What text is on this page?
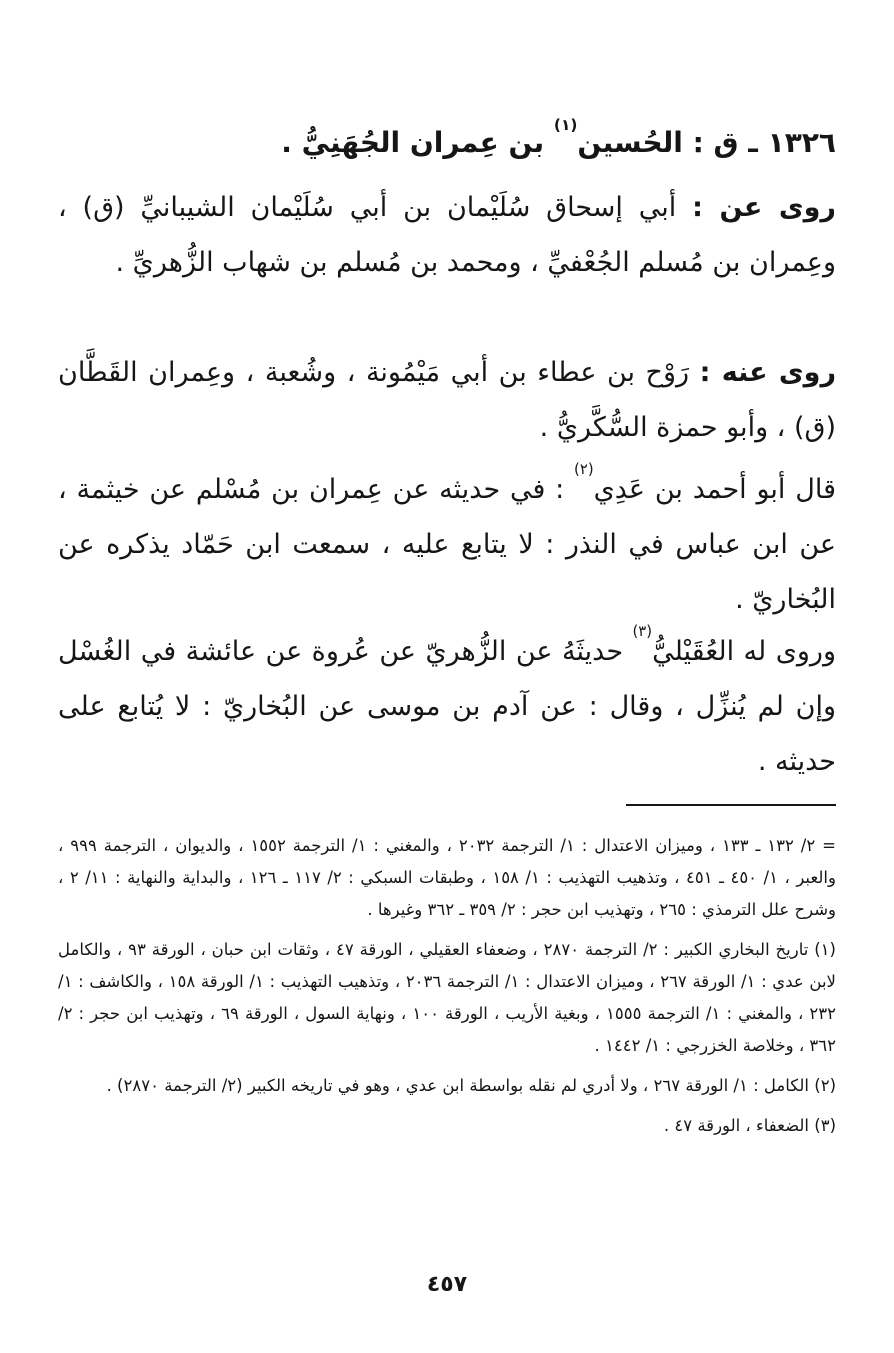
١٣٢٦ ـ ق : الحُسين$^{(١)}$ بن عِمران الجُهَنِيُّ .

روى عن : أبي إسحاق سُلَيْمان بن أبي سُلَيْمان الشيبانيِّ (ق) ، وعِمران بن مُسلم الجُعْفيِّ ، ومحمد بن مُسلم بن شهاب الزُّهريِّ .

روى عنه : رَوْح بن عطاء بن أبي مَيْمُونة ، وشُعبة ، وعِمران القَطَّان (ق) ، وأبو حمزة السُّكَّريُّ .

قال أبو أحمد بن عَدِي$^{(٢)}$ : في حديثه عن عِمران بن مُسْلم عن خيثمة ، عن ابن عباس في النذر : لا يتابع عليه ، سمعت ابن حَمّاد يذكره عن البُخاريّ .

وروى له العُقَيْليُّ$^{(٣)}$ حديثَهُ عن الزُّهريّ عن عُروة عن عائشة في الغُسْل وإن لم يُنزِّل ، وقال : عن آدم بن موسى عن البُخاريّ : لا يُتابع على حديثه .

= ٢/ ١٣٢ ـ ١٣٣ ، وميزان الاعتدال : ١/ الترجمة ٢٠٣٢ ، والمغني : ١/ الترجمة ١٥٥٢ ، والديوان ، الترجمة ٩٩٩ ، والعبر ، ١/ ٤٥٠ ـ ٤٥١ ، وتذهيب التهذيب : ١/ ١٥٨ ، وطبقات السبكي : ٢/ ١١٧ ـ ١٢٦ ، والبداية والنهاية : ١١/ ٢ ، وشرح علل الترمذي : ٢٦٥ ، وتهذيب ابن حجر : ٢/ ٣٥٩ ـ ٣٦٢ وغيرها .

(١) تاريخ البخاري الكبير : ٢/ الترجمة ٢٨٧٠ ، وضعفاء العقيلي ، الورقة ٤٧ ، وثقات ابن حبان ، الورقة ٩٣ ، والكامل لابن عدي : ١/ الورقة ٢٦٧ ، وميزان الاعتدال : ١/ الترجمة ٢٠٣٦ ، وتذهيب التهذيب : ١/ الورقة ١٥٨ ، والكاشف : ١/ ٢٣٢ ، والمغني : ١/ الترجمة ١٥٥٥ ، وبغية الأريب ، الورقة ١٠٠ ، ونهاية السول ، الورقة ٦٩ ، وتهذيب ابن حجر : ٢/ ٣٦٢ ، وخلاصة الخزرجي : ١/ ١٤٤٢ .

(٢) الكامل : ١/ الورقة ٢٦٧ ، ولا أدري لم نقله بواسطة ابن عدي ، وهو في تاريخه الكبير (٢/ الترجمة ٢٨٧٠) .

(٣) الضعفاء ، الورقة ٤٧ .

٤٥٧
